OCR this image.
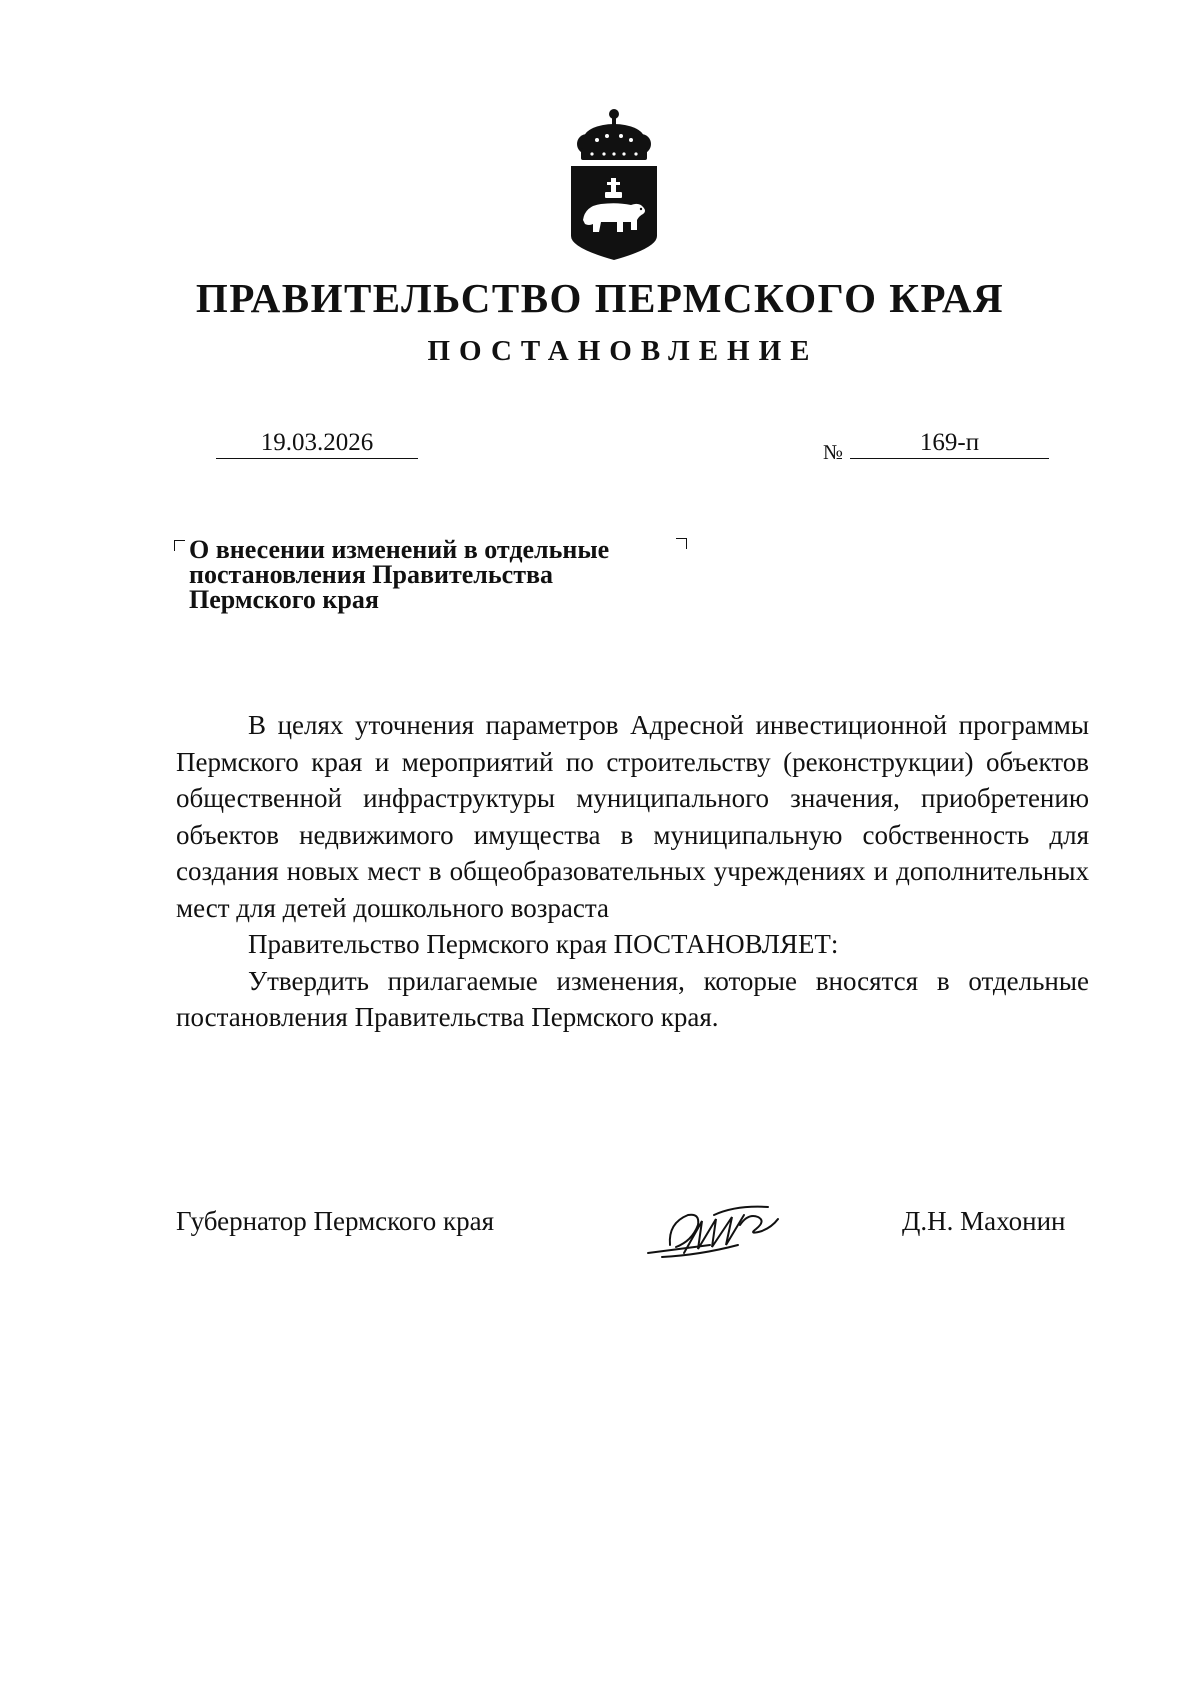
ПРАВИТЕЛЬСТВО ПЕРМСКОГО КРАЯ
ПОСТАНОВЛЕНИЕ
19.03.2026	№	169-п
О внесении изменений в отдельные
постановления Правительства
Пермского края

В целях уточнения параметров Адресной инвестиционной программы Пермского края и мероприятий по строительству (реконструкции) объектов общественной инфраструктуры муниципального значения, приобретению объектов недвижимого имущества в муниципальную собственность для создания новых мест в общеобразовательных учреждениях и дополнительных мест для детей дошкольного возраста

Правительство Пермского края ПОСТАНОВЛЯЕТ:

Утвердить прилагаемые изменения, которые вносятся в отдельные постановления Правительства Пермского края.

Губернатор Пермского края	Д.Н. Махонин
